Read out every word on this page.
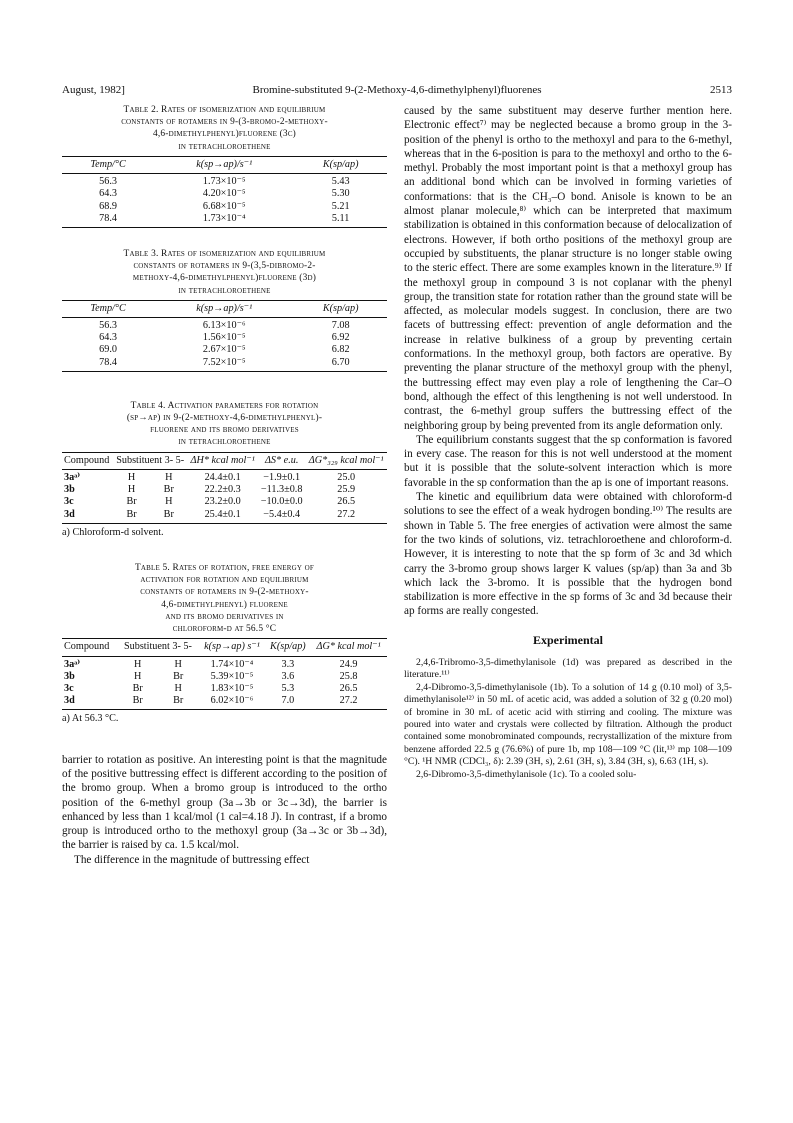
August, 1982]	Bromine-substituted 9-(2-Methoxy-4,6-dimethylphenyl)fluorenes	2513
Table 2. Rates of isomerization and equilibrium
constants of rotamers in 9-(3-bromo-2-methoxy-
4,6-dimethylphenyl)fluorene (3c)
in tetrachloroethene
Temp/°C	k(sp→ap)/s⁻¹	K(sp/ap)
56.3	1.73×10⁻⁵	5.43
64.3	4.20×10⁻⁵	5.30
68.9	6.68×10⁻⁵	5.21
78.4	1.73×10⁻⁴	5.11
Table 3. Rates of isomerization and equilibrium
constants of rotamers in 9-(3,5-dibromo-2-
methoxy-4,6-dimethylphenyl)fluorene (3d)
in tetrachloroethene
Temp/°C	k(sp→ap)/s⁻¹	K(sp/ap)
56.3	6.13×10⁻⁶	7.08
64.3	1.56×10⁻⁵	6.92
69.0	2.67×10⁻⁵	6.82
78.4	7.52×10⁻⁵	6.70
Table 4. Activation parameters for rotation
(sp→ap) in 9-(2-methoxy-4,6-dimethylphenyl)-
fluorene and its bromo derivatives
in tetrachloroethene
Compound	Substituent 3- 5-		ΔH* kcal mol⁻¹	ΔS* e.u.	ΔG*₃₂₉ kcal mol⁻¹
3aᵃ⁾	H	H	24.4±0.1	−1.9±0.1	25.0
3b	H	Br	22.2±0.3	−11.3±0.8	25.9
3c	Br	H	23.2±0.0	−10.0±0.0	26.5
3d	Br	Br	25.4±0.1	−5.4±0.4	27.2
a) Chloroform-d solvent.
Table 5. Rates of rotation, free energy of
activation for rotation and equilibrium
constants of rotamers in 9-(2-methoxy-
4,6-dimethylphenyl) fluorene
and its bromo derivatives in
chloroform-d at 56.5 °C
Compound	Substituent 3- 5-		k(sp→ap) s⁻¹	K(sp/ap)	ΔG* kcal mol⁻¹
3aᵃ⁾	H	H	1.74×10⁻⁴	3.3	24.9
3b	H	Br	5.39×10⁻⁵	3.6	25.8
3c	Br	H	1.83×10⁻⁵	5.3	26.5
3d	Br	Br	6.02×10⁻⁶	7.0	27.2
a) At 56.3 °C.

barrier to rotation as positive. An interesting point is that the magnitude of the positive buttressing effect is different according to the position of the bromo group. When a bromo group is introduced to the ortho position of the 6-methyl group (3a→3b or 3c→3d), the barrier is enhanced by less than 1 kcal/mol (1 cal=4.18 J). In contrast, if a bromo group is introduced ortho to the methoxyl group (3a→3c or 3b→3d), the barrier is raised by ca. 1.5 kcal/mol.

The difference in the magnitude of buttressing effect

caused by the same substituent may deserve further mention here. Electronic effect⁷⁾ may be neglected because a bromo group in the 3-position of the phenyl is ortho to the methoxyl and para to the 6-methyl, whereas that in the 6-position is para to the methoxyl and ortho to the 6-methyl. Probably the most important point is that a methoxyl group has an additional bond which can be involved in forming varieties of conformations: that is the CH₃–O bond. Anisole is known to be an almost planar molecule,⁸⁾ which can be interpreted that maximum stabilization is obtained in this conformation because of delocalization of electrons. However, if both ortho positions of the methoxyl group are occupied by substituents, the planar structure is no longer stable owing to the steric effect. There are some examples known in the literature.⁹⁾ If the methoxyl group in compound 3 is not coplanar with the phenyl group, the transition state for rotation rather than the ground state will be affected, as molecular models suggest. In conclusion, there are two facets of buttressing effect: prevention of angle deformation and the increase in relative bulkiness of a group by preventing certain conformations. In the methoxyl group, both factors are operative. By preventing the planar structure of the methoxyl group with the phenyl, the buttressing effect may even play a role of lengthening the Car–O bond, although the effect of this lengthening is not well understood. In contrast, the 6-methyl group suffers the buttressing effect of the neighboring group by being prevented from its angle deformation only.

The equilibrium constants suggest that the sp conformation is favored in every case. The reason for this is not well understood at the moment but it is possible that the solute-solvent interaction which is more favorable in the sp conformation than the ap is one of important reasons.

The kinetic and equilibrium data were obtained with chloroform-d solutions to see the effect of a weak hydrogen bonding.¹⁰⁾ The results are shown in Table 5. The free energies of activation were almost the same for the two kinds of solutions, viz. tetrachloroethene and chloroform-d. However, it is interesting to note that the sp form of 3c and 3d which carry the 3-bromo group shows larger K values (sp/ap) than 3a and 3b which lack the 3-bromo. It is possible that the hydrogen bond stabilization is more effective in the sp forms of 3c and 3d because their ap forms are really congested.

Experimental

2,4,6-Tribromo-3,5-dimethylanisole (1d) was prepared as described in the literature.¹¹⁾

2,4-Dibromo-3,5-dimethylanisole (1b). To a solution of 14 g (0.10 mol) of 3,5-dimethylanisole¹²⁾ in 50 mL of acetic acid, was added a solution of 32 g (0.20 mol) of bromine in 30 mL of acetic acid with stirring and cooling. The mixture was poured into water and crystals were collected by filtration. Although the product contained some monobrominated compounds, recrystallization of the mixture from benzene afforded 22.5 g (76.6%) of pure 1b, mp 108—109 °C (lit,¹³⁾ mp 108—109 °C). ¹H NMR (CDCl₃, δ): 2.39 (3H, s), 2.61 (3H, s), 3.84 (3H, s), 6.63 (1H, s).

2,6-Dibromo-3,5-dimethylanisole (1c). To a cooled solu-
